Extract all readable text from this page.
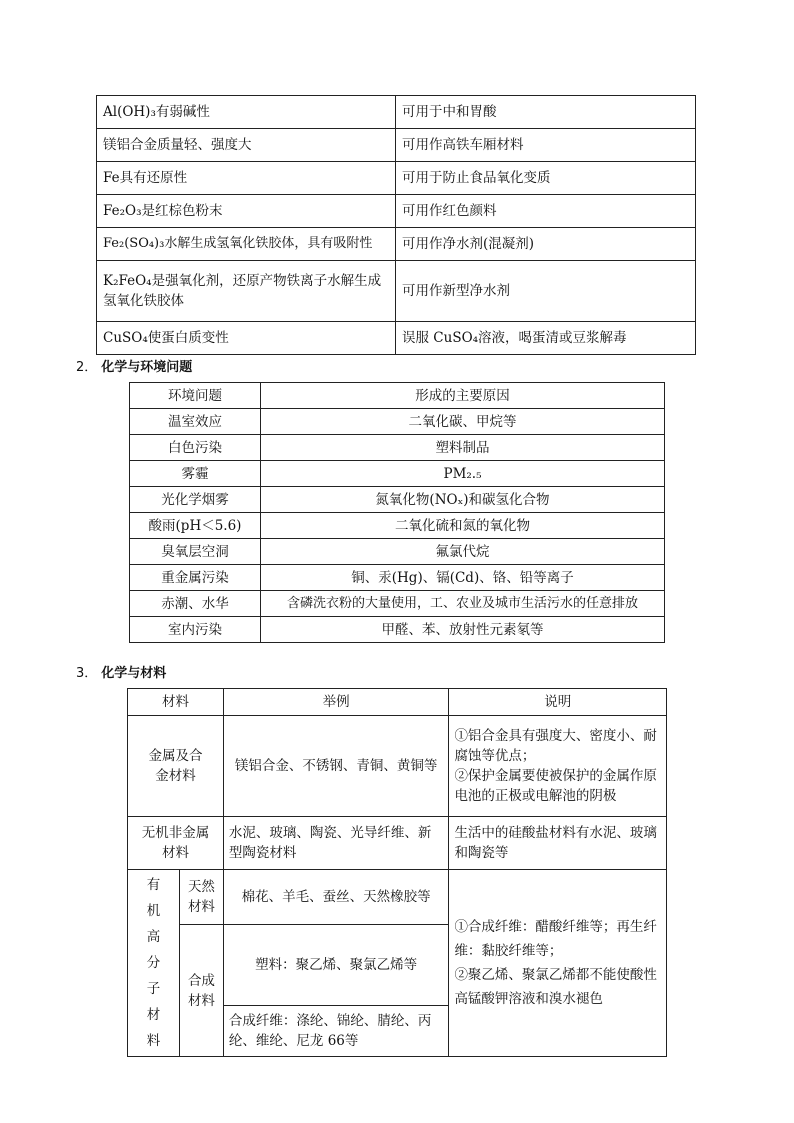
Al(OH)₃有弱碱性	可用于中和胃酸
镁铝合金质量轻、强度大	可用作高铁车厢材料
Fe具有还原性	可用于防止食品氧化变质
Fe₂O₃是红棕色粉末	可用作红色颜料
Fe₂(SO₄)₃水解生成氢氧化铁胶体，具有吸附性	可用作净水剂(混凝剂)
K₂FeO₄是强氧化剂，还原产物铁离子水解生成氢氧化铁胶体	可用作新型净水剂
CuSO₄使蛋白质变性	误服 CuSO₄溶液，喝蛋清或豆浆解毒
2． 化学与环境问题
环境问题	形成的主要原因
温室效应	二氧化碳、甲烷等
白色污染	塑料制品
雾霾	PM₂.₅
光化学烟雾	氮氧化物(NOₓ)和碳氢化合物
酸雨(pH＜5.6)	二氧化硫和氮的氧化物
臭氧层空洞	氟氯代烷
重金属污染	铜、汞(Hg)、镉(Cd)、铬、铅等离子
赤潮、水华	含磷洗衣粉的大量使用，工、农业及城市生活污水的任意排放
室内污染	甲醛、苯、放射性元素氡等
3． 化学与材料
材料		举例	说明
金属及合金材料		镁铝合金、不锈钢、青铜、黄铜等	①铝合金具有强度大、密度小、耐腐蚀等优点；
②保护金属要使被保护的金属作原电池的正极或电解池的阴极

无机非金属材料		水泥、玻璃、陶瓷、光导纤维、新型陶瓷材料	生活中的硅酸盐材料有水泥、玻璃和陶瓷等
有机高分子材料	天然材料	棉花、羊毛、蚕丝、天然橡胶等	①合成纤维：醋酸纤维等；再生纤维：黏胶纤维等；
②聚乙烯、聚氯乙烯都不能使酸性高锰酸钾溶液和溴水褪色

	合成材料	塑料：聚乙烯、聚氯乙烯等	
		合成纤维：涤纶、锦纶、腈纶、丙纶、维纶、尼龙 66等	
